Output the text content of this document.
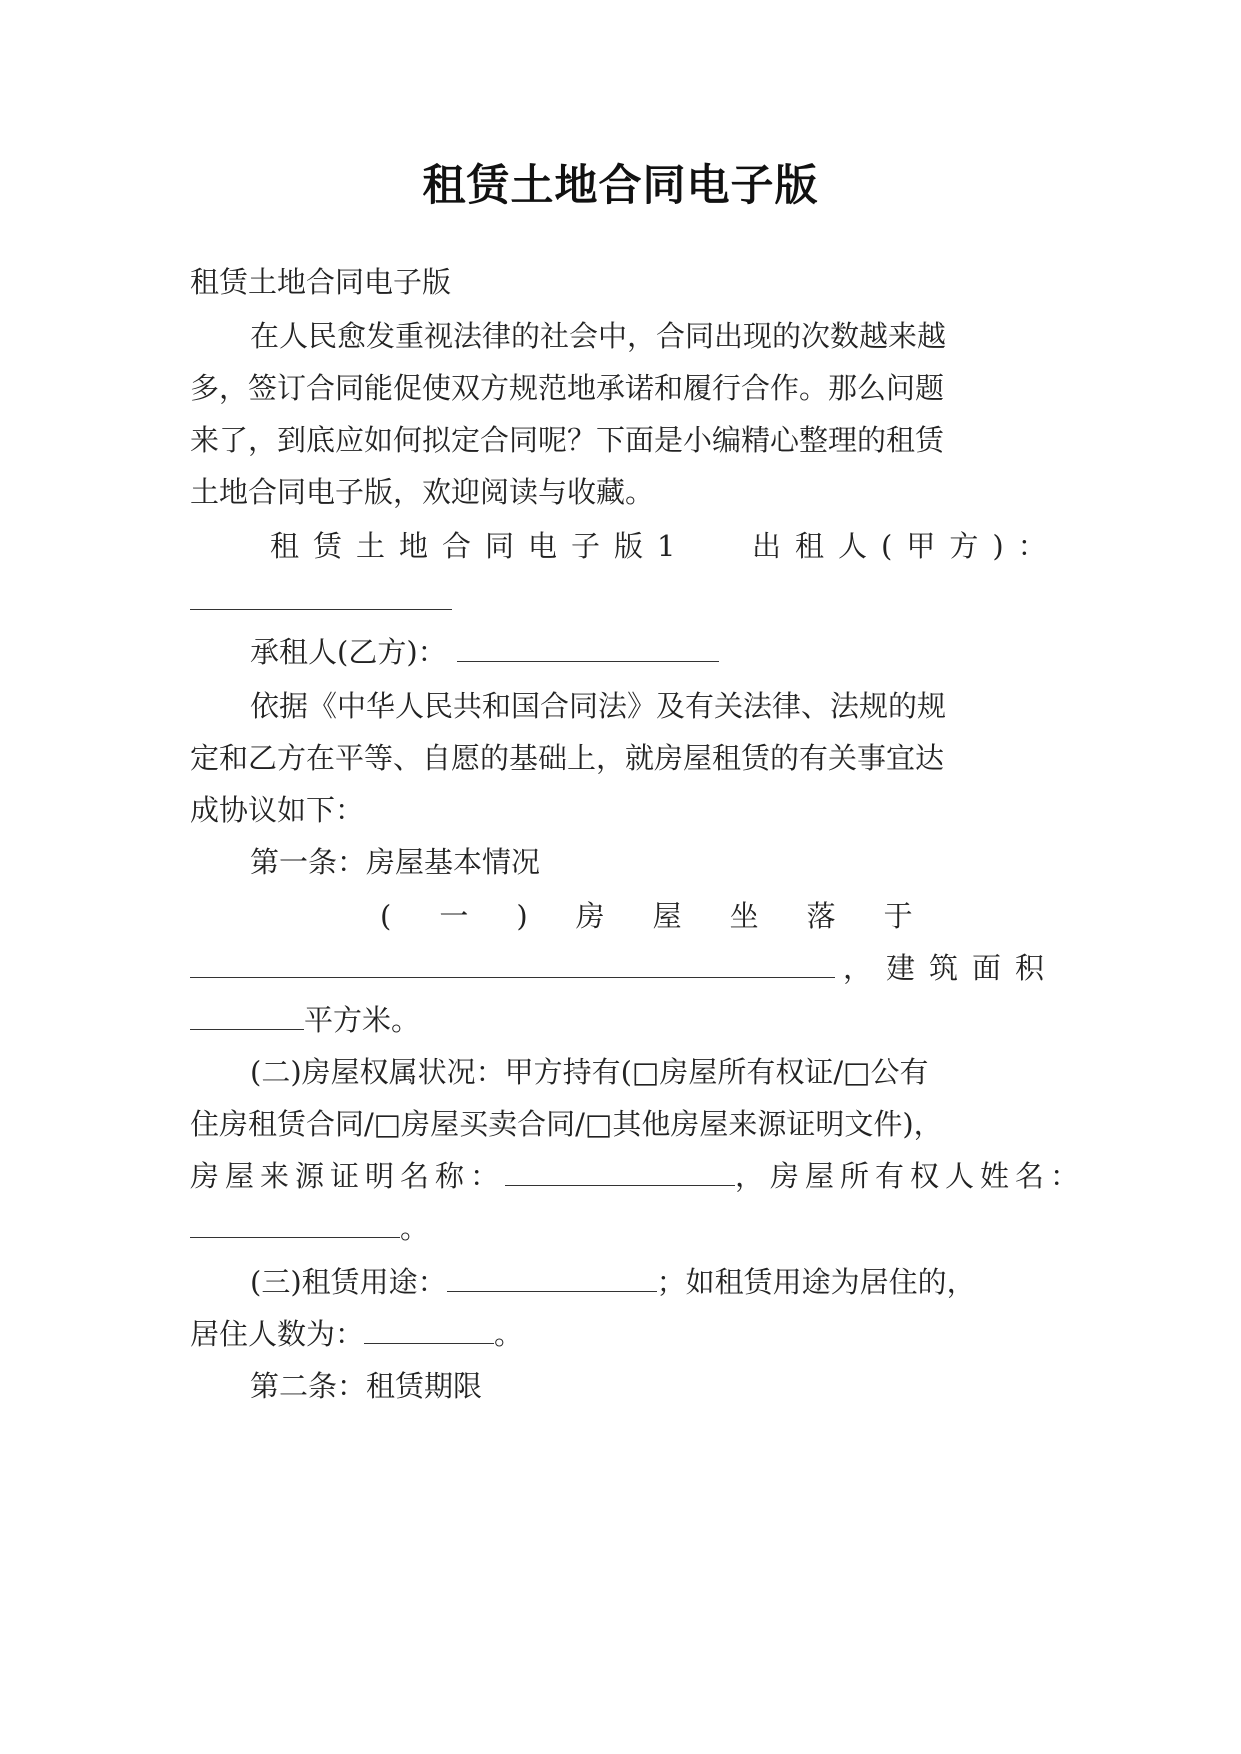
租赁土地合同电子版
租赁土地合同电子版
在人民愈发重视法律的社会中，合同出现的次数越来越
多，签订合同能促使双方规范地承诺和履行合作。那么问题
来了，到底应如何拟定合同呢？下面是小编精心整理的租赁
土地合同电子版，欢迎阅读与收藏。
租赁土地合同电子版1 出租人(甲方)：
承租人(乙方)：
依据《中华人民共和国合同法》及有关法律、法规的规
定和乙方在平等、自愿的基础上，就房屋租赁的有关事宜达
成协议如下：
第一条：房屋基本情况
(一)房屋坐落于
，建筑面积
平方米。
(二)房屋权属状况：甲方持有(□房屋所有权证/□公有
住房租赁合同/□房屋买卖合同/□其他房屋来源证明文件)，
房屋来源证明名称：	，房屋所有权人姓名：
。
(三)租赁用途：	；如租赁用途为居住的，
居住人数为：	。
第二条：租赁期限
